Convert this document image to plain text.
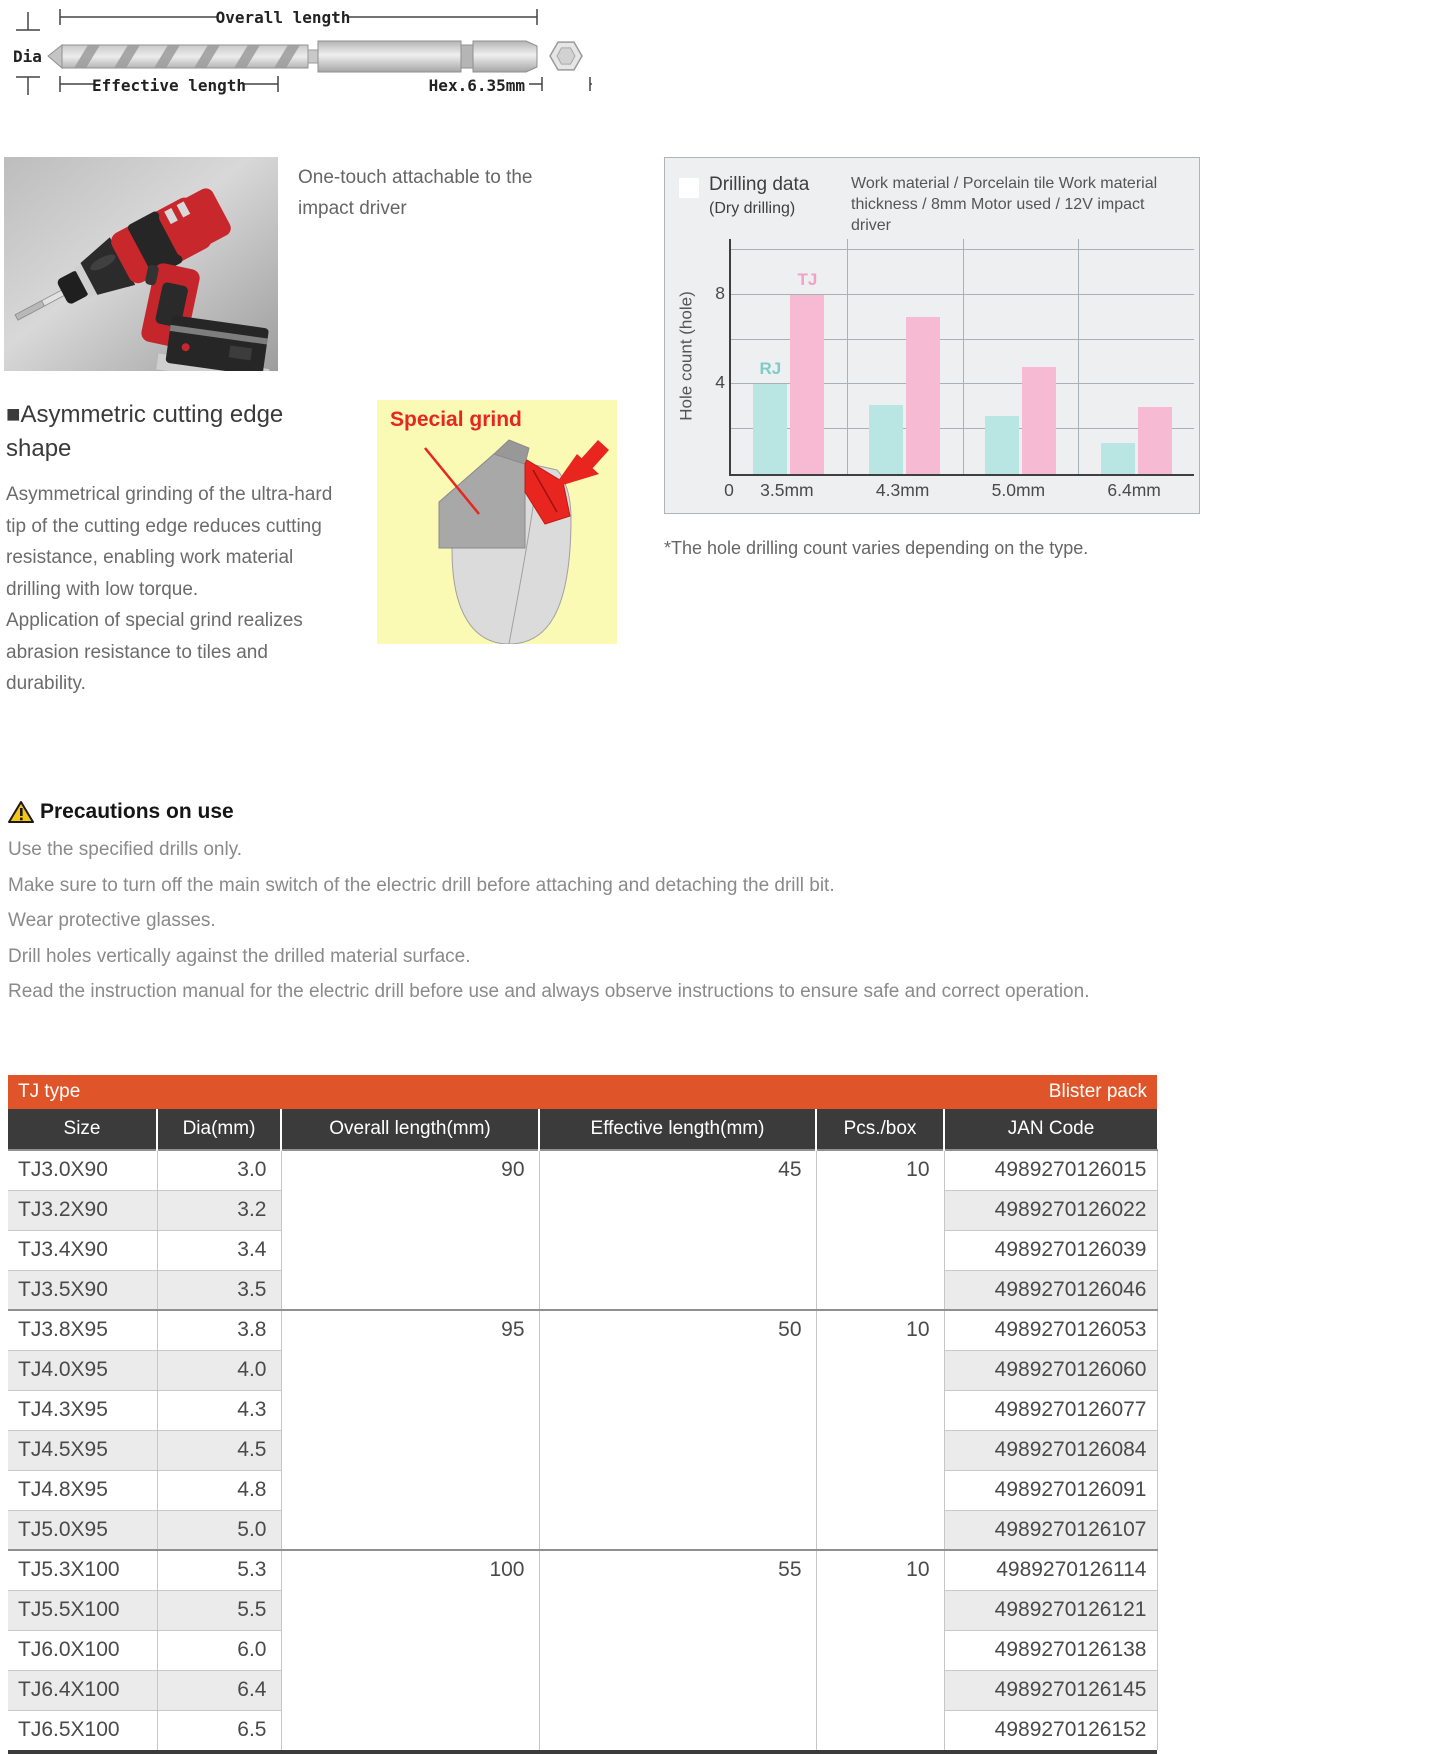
Overall length
Dia
Effective length	Hex.6.35mm
One-touch attachable to the impact driver
Drilling data
(Dry drilling)
Work material / Porcelain tile Work material thickness / 8mm Motor used / 12V impact driver
Hole count (hole)	4
8
RJ
TJ
3.5mm	4.3mm	5.0mm	6.4mm
0
*The hole drilling count varies depending on the type.
■Asymmetric cutting edge shape

Asymmetrical grinding of the ultra-hard tip of the cutting edge reduces cutting resistance, enabling work material drilling with low torque.

Application of special grind realizes abrasion resistance to tiles and durability.

Special grind
Precautions on use

Use the specified drills only.

Make sure to turn off the main switch of the electric drill before attaching and detaching the drill bit.

Wear protective glasses.

Drill holes vertically against the drilled material surface.

Read the instruction manual for the electric drill before use and always observe instructions to ensure safe and correct operation.

TJ type	Blister pack
Size	Dia(mm)	Overall length(mm)	Effective length(mm)	Pcs./box	JAN Code
TJ3.0X90	3.0	90	45	10	4989270126015
TJ3.2X90	3.2				4989270126022
TJ3.4X90	3.4				4989270126039
TJ3.5X90	3.5				4989270126046
TJ3.8X95	3.8	95	50	10	4989270126053
TJ4.0X95	4.0				4989270126060
TJ4.3X95	4.3				4989270126077
TJ4.5X95	4.5				4989270126084
TJ4.8X95	4.8				4989270126091
TJ5.0X95	5.0				4989270126107
TJ5.3X100	5.3	100	55	10	4989270126114
TJ5.5X100	5.5				4989270126121
TJ6.0X100	6.0				4989270126138
TJ6.4X100	6.4				4989270126145
TJ6.5X100	6.5				4989270126152
